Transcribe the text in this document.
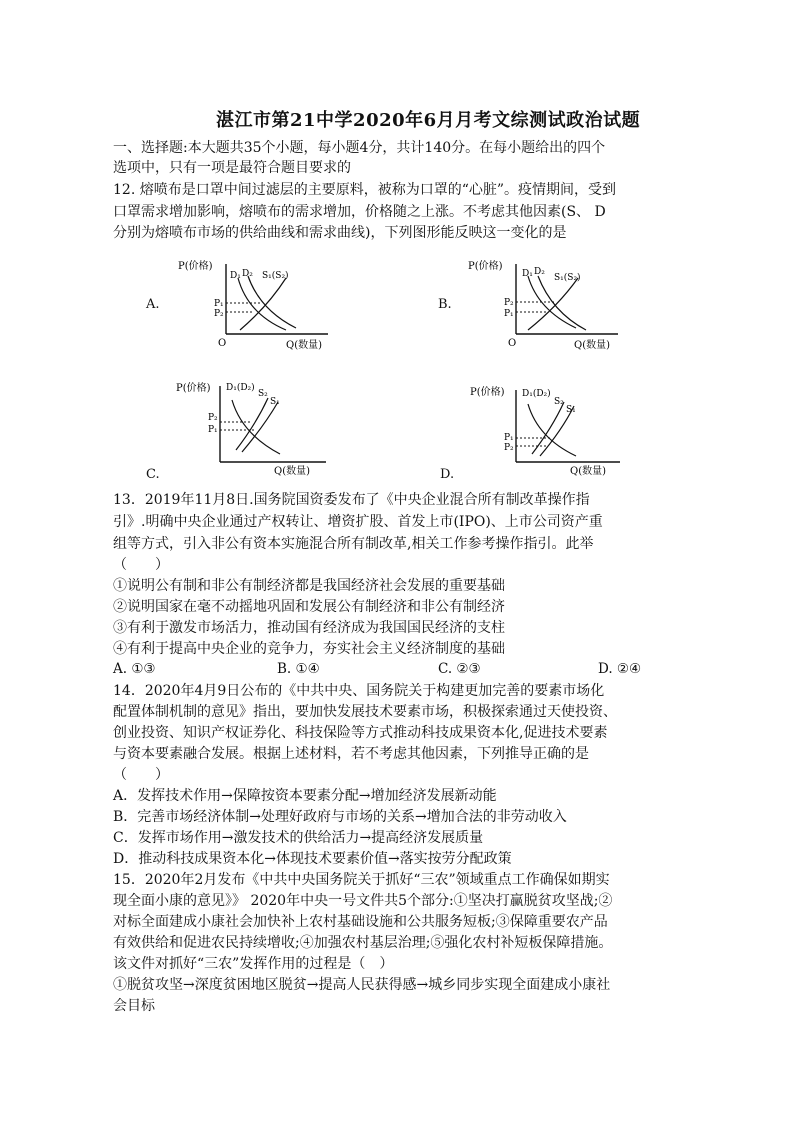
湛江市第21中学2020年6月月考文综测试政治试题
一、选择题:本大题共35个小题，每小题4分，共计140分。在每小题给出的四个
选项中，只有一项是最符合题目要求的
12. 熔喷布是口罩中间过滤层的主要原料，被称为口罩的“心脏”。疫情期间，受到
口罩需求增加影响，熔喷布的需求增加，价格随之上涨。不考虑其他因素(S、 D
分别为熔喷布市场的供给曲线和需求曲线)，下列图形能反映这一变化的是
A.
P(价格)
O	Q(数量)
D₁ D₂ S₁(S₂)
P₁
P₂
B.
P(价格)
O	Q(数量)
D₁ D₂
S₁(S₂)
P₂
P₁
C.
P(价格)
Q(数量)
D₁(D₂)
S₂
S₁
P₂
P₁
D.
P(价格)
Q(数量)
D₁(D₂)
S₂
S₁
P₁
P₂
13．2019年11月8日.国务院国资委发布了《中央企业混合所有制改革操作指
引》.明确中央企业通过产权转让、增资扩股、首发上市(IPO)、上市公司资产重
组等方式，引入非公有资本实施混合所有制改革,相关工作参考操作指引。此举
（　　）
①说明公有制和非公有制经济都是我国经济社会发展的重要基础
②说明国家在毫不动摇地巩固和发展公有制经济和非公有制经济
③有利于激发市场活力，推动国有经济成为我国国民经济的支柱
④有利于提高中央企业的竞争力，夯实社会主义经济制度的基础
A. ①③	B. ①④	C. ②③	D. ②④
14．2020年4月9日公布的《中共中央、国务院关于构建更加完善的要素市场化
配置体制机制的意见》指出，要加快发展技术要素市场，积极探索通过天使投资、
创业投资、知识产权证券化、科技保险等方式推动科技成果资本化,促进技术要素
与资本要素融合发展。根据上述材料，若不考虑其他因素，下列推导正确的是
（　　）
A．发挥技术作用→保障按资本要素分配→增加经济发展新动能
B．完善市场经济体制→处理好政府与市场的关系→增加合法的非劳动收入
C．发挥市场作用→激发技术的供给活力→提高经济发展质量
D．推动科技成果资本化→体现技术要素价值→落实按劳分配政策
15．2020年2月发布《中共中央国务院关于抓好“三农”领域重点工作确保如期实
现全面小康的意见》》 2020年中央一号文件共5个部分:①坚决打赢脱贫攻坚战;②
对标全面建成小康社会加快补上农村基础设施和公共服务短板;③保障重要农产品
有效供给和促进农民持续增收;④加强农村基层治理;⑤强化农村补短板保障措施。
该文件对抓好“三农”发挥作用的过程是（　）
①脱贫攻坚→深度贫困地区脱贫→提高人民获得感→城乡同步实现全面建成小康社
会目标
